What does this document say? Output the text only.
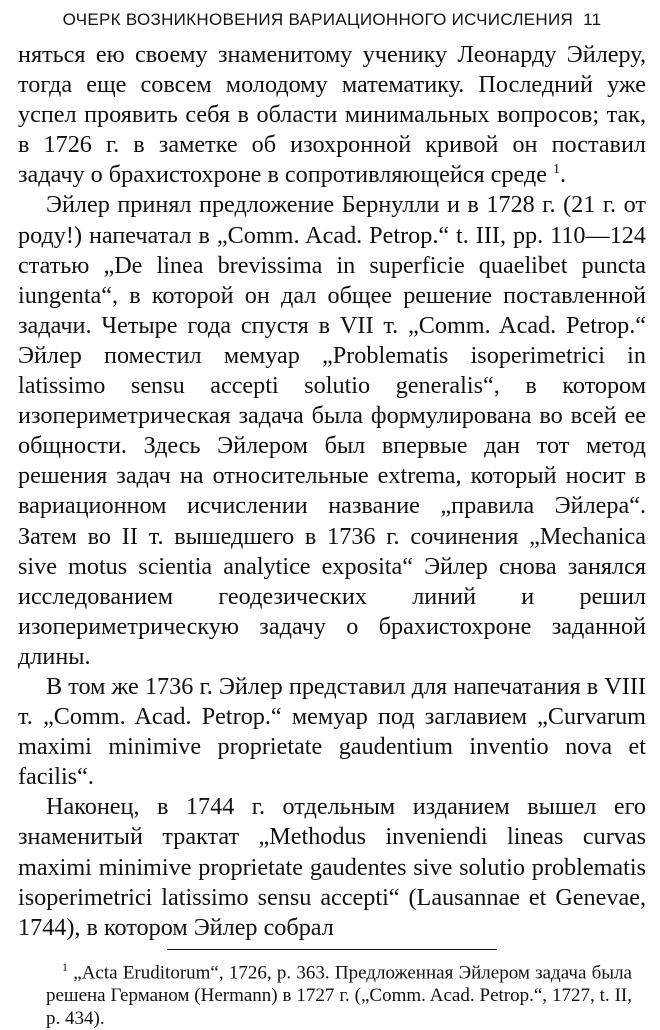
ОЧЕРК ВОЗНИКНОВЕНИЯ ВАРИАЦИОННОГО ИСЧИСЛЕНИЯ 11

няться ею своему знаменитому ученику Леонарду Эйлеру, тогда еще совсем молодому математику. Последний уже успел проявить себя в области минимальных вопросов; так, в 1726 г. в заметке об изохронной кривой он поставил задачу о брахистохроне в сопротивляющейся среде $^1$.

Эйлер принял предложение Бернулли и в 1728 г. (21 г. от роду!) напечатал в „Comm. Acad. Petrop.“ t. III, pp. 110—124 статью „De linea brevissima in superficie quaelibet puncta iungenta“, в которой он дал общее решение поставленной задачи. Четыре года спустя в VII т. „Comm. Acad. Petrop.“ Эйлер поместил мемуар „Problematis isoperimetrici in latissimo sensu accepti solutio generalis“, в котором изопериметрическая задача была формулирована во всей ее общности. Здесь Эйлером был впервые дан тот метод решения задач на относительные extrema, который носит в вариационном исчислении название „правила Эйлера“. Затем во II т. вышедшего в 1736 г. сочинения „Mechanica sive motus scientia analytice exposita“ Эйлер снова занялся исследованием геодезических линий и решил изопериметрическую задачу о брахистохроне заданной длины.

В том же 1736 г. Эйлер представил для напечатания в VIII т. „Comm. Acad. Petrop.“ мемуар под заглавием „Curvarum maximi minimive proprietate gaudentium inventio nova et facilis“.

Наконец, в 1744 г. отдельным изданием вышел его знаменитый трактат „Methodus inveniendi lineas curvas maximi minimive proprietate gaudentes sive solutio problematis isoperimetrici latissimo sensu accepti“ (Lausannae et Genevae, 1744), в котором Эйлер собрал

$^1$ „Acta Eruditorum“, 1726, p. 363. Предложенная Эйлером задача была решена Германом (Hermann) в 1727 г. („Comm. Acad. Petrop.“, 1727, t. II, p. 434).
